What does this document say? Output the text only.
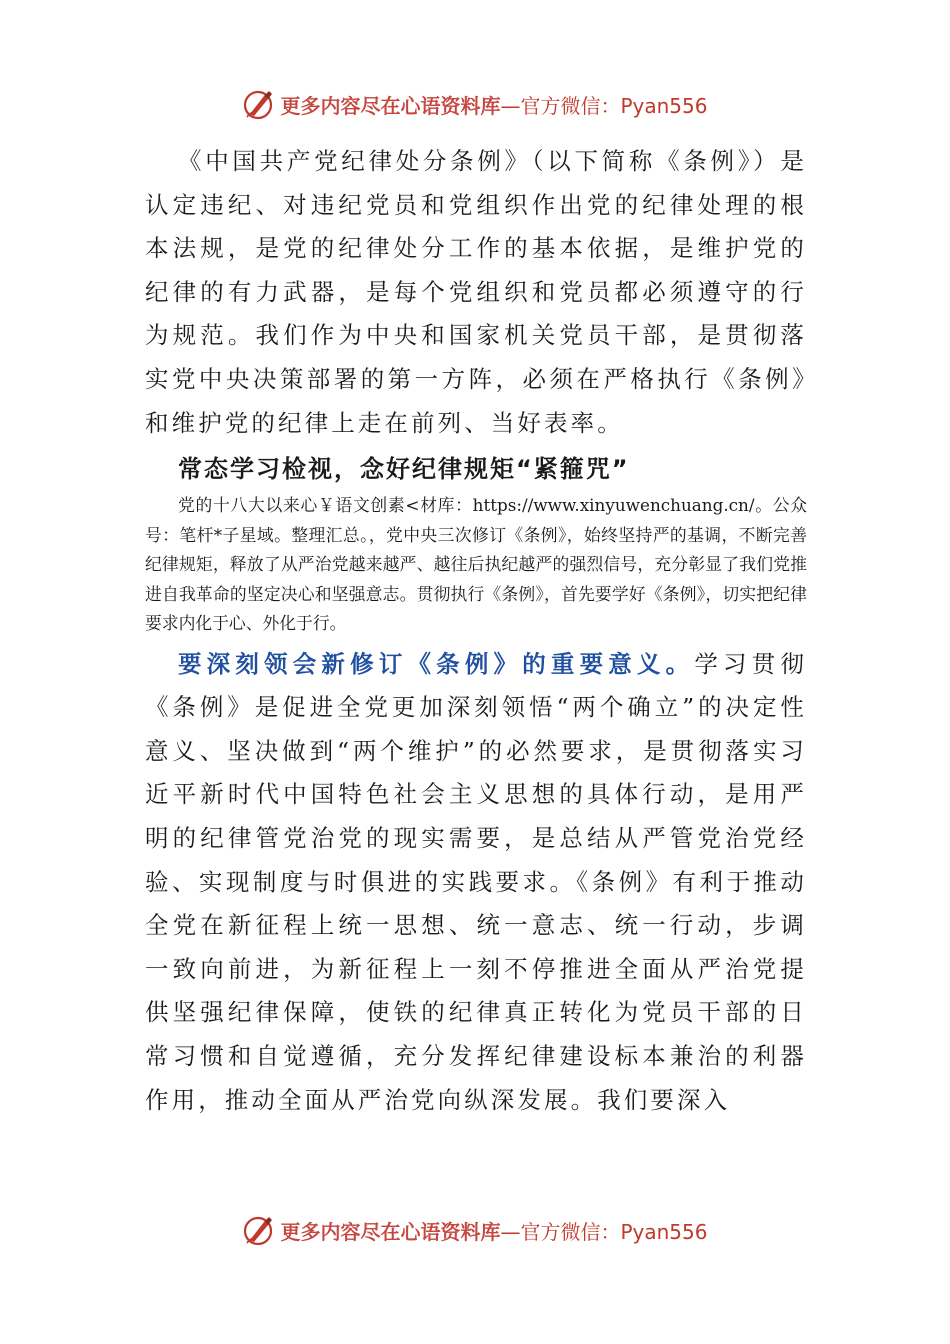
更多内容尽在心语资料库—官方微信：Pyan556

《中国共产党纪律处分条例》（以下简称《条例》）是认定违纪、对违纪党员和党组织作出党的纪律处理的根本法规，是党的纪律处分工作的基本依据，是维护党的纪律的有力武器，是每个党组织和党员都必须遵守的行为规范。我们作为中央和国家机关党员干部，是贯彻落实党中央决策部署的第一方阵，必须在严格执行《条例》和维护党的纪律上走在前列、当好表率。

常态学习检视，念好纪律规矩“紧箍咒”

党的十八大以来心￥语文创素<材库：https://www.xinyuwenchuang.cn/。公众号：笔杆*子星域。整理汇总。，党中央三次修订《条例》，始终坚持严的基调，不断完善纪律规矩，释放了从严治党越来越严、越往后执纪越严的强烈信号，充分彰显了我们党推进自我革命的坚定决心和坚强意志。贯彻执行《条例》，首先要学好《条例》，切实把纪律要求内化于心、外化于行。

要深刻领会新修订《条例》的重要意义。学习贯彻《条例》是促进全党更加深刻领悟“两个确立”的决定性意义、坚决做到“两个维护”的必然要求，是贯彻落实习近平新时代中国特色社会主义思想的具体行动，是用严明的纪律管党治党的现实需要，是总结从严管党治党经验、实现制度与时俱进的实践要求。《条例》有利于推动全党在新征程上统一思想、统一意志、统一行动，步调一致向前进，为新征程上一刻不停推进全面从严治党提供坚强纪律保障，使铁的纪律真正转化为党员干部的日常习惯和自觉遵循，充分发挥纪律建设标本兼治的利器作用，推动全面从严治党向纵深发展。我们要深入

更多内容尽在心语资料库—官方微信：Pyan556
